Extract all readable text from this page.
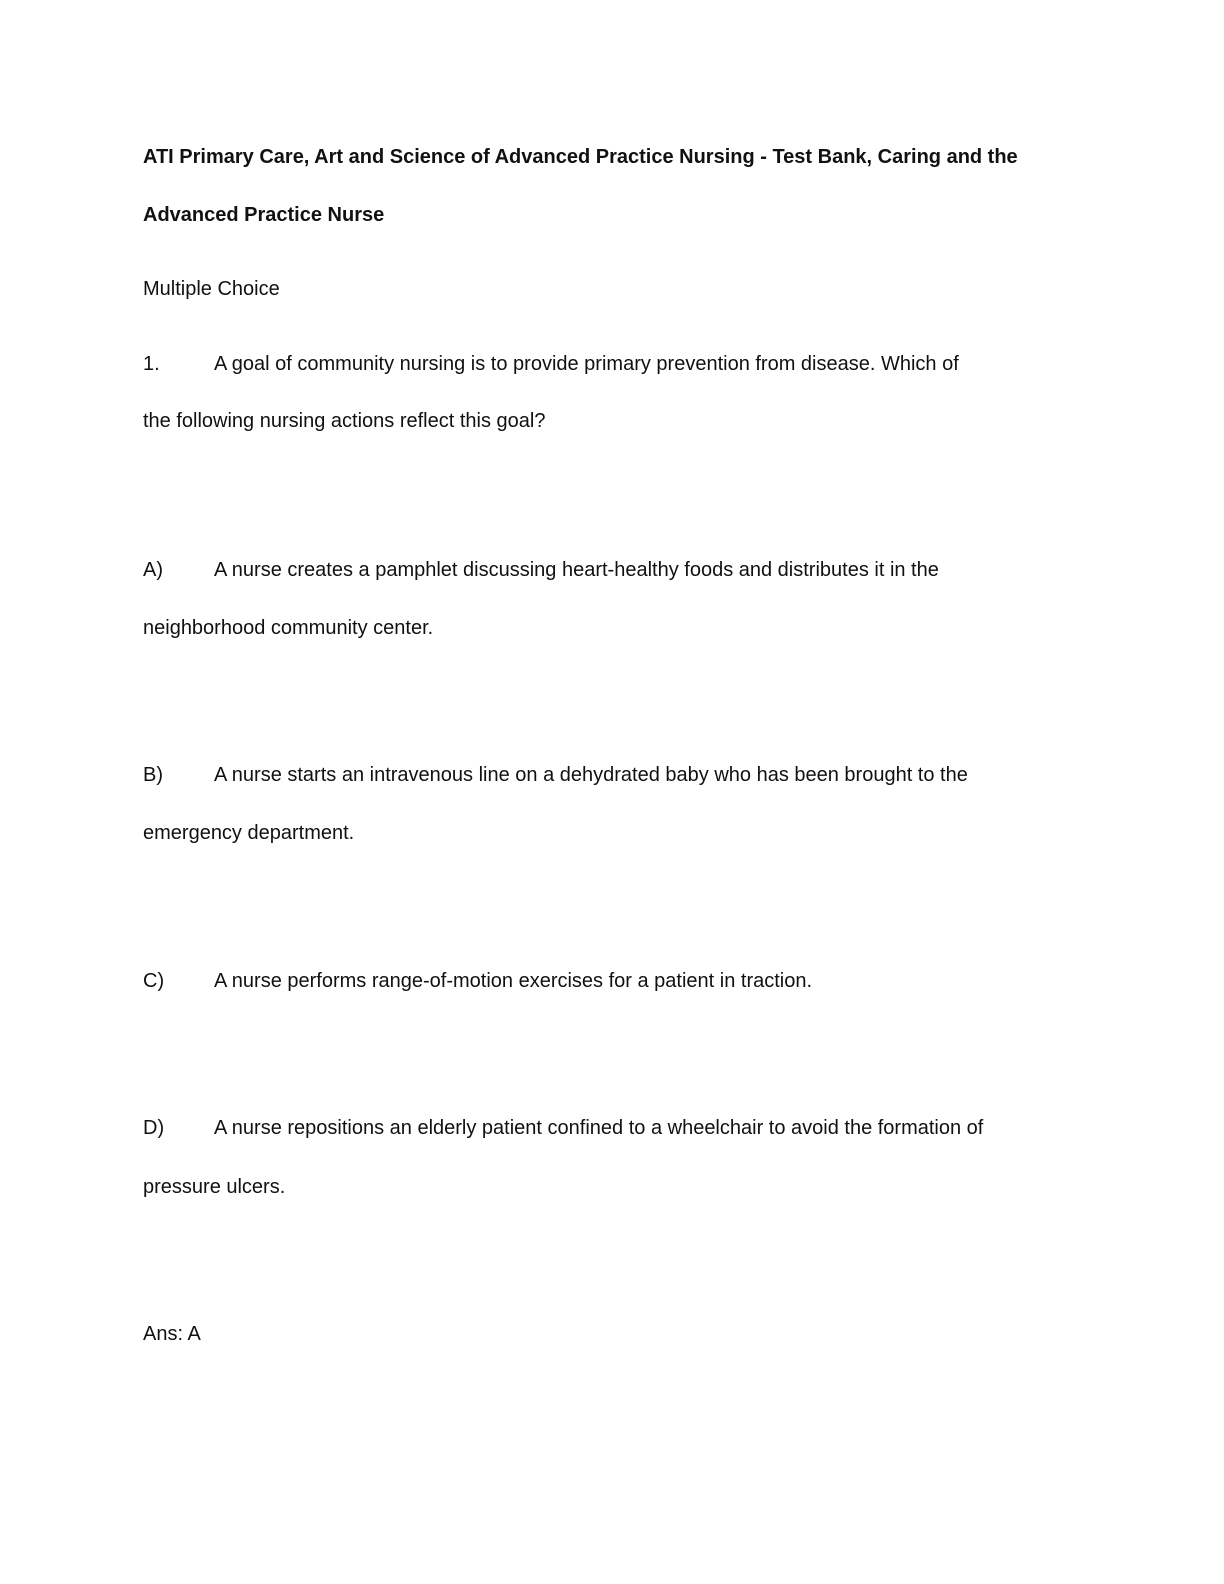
ATI Primary Care, Art and Science of Advanced Practice Nursing - Test Bank, Caring and the
Advanced Practice Nurse
Multiple Choice
1.	A goal of community nursing is to provide primary prevention from disease. Which of
the following nursing actions reflect this goal?
A)	A nurse creates a pamphlet discussing heart-healthy foods and distributes it in the
neighborhood community center.
B)	A nurse starts an intravenous line on a dehydrated baby who has been brought to the
emergency department.
C) A nurse performs range-of-motion exercises for a patient in traction.
D) A nurse repositions an elderly patient confined to a wheelchair to avoid the formation of
pressure ulcers.
Ans: A
